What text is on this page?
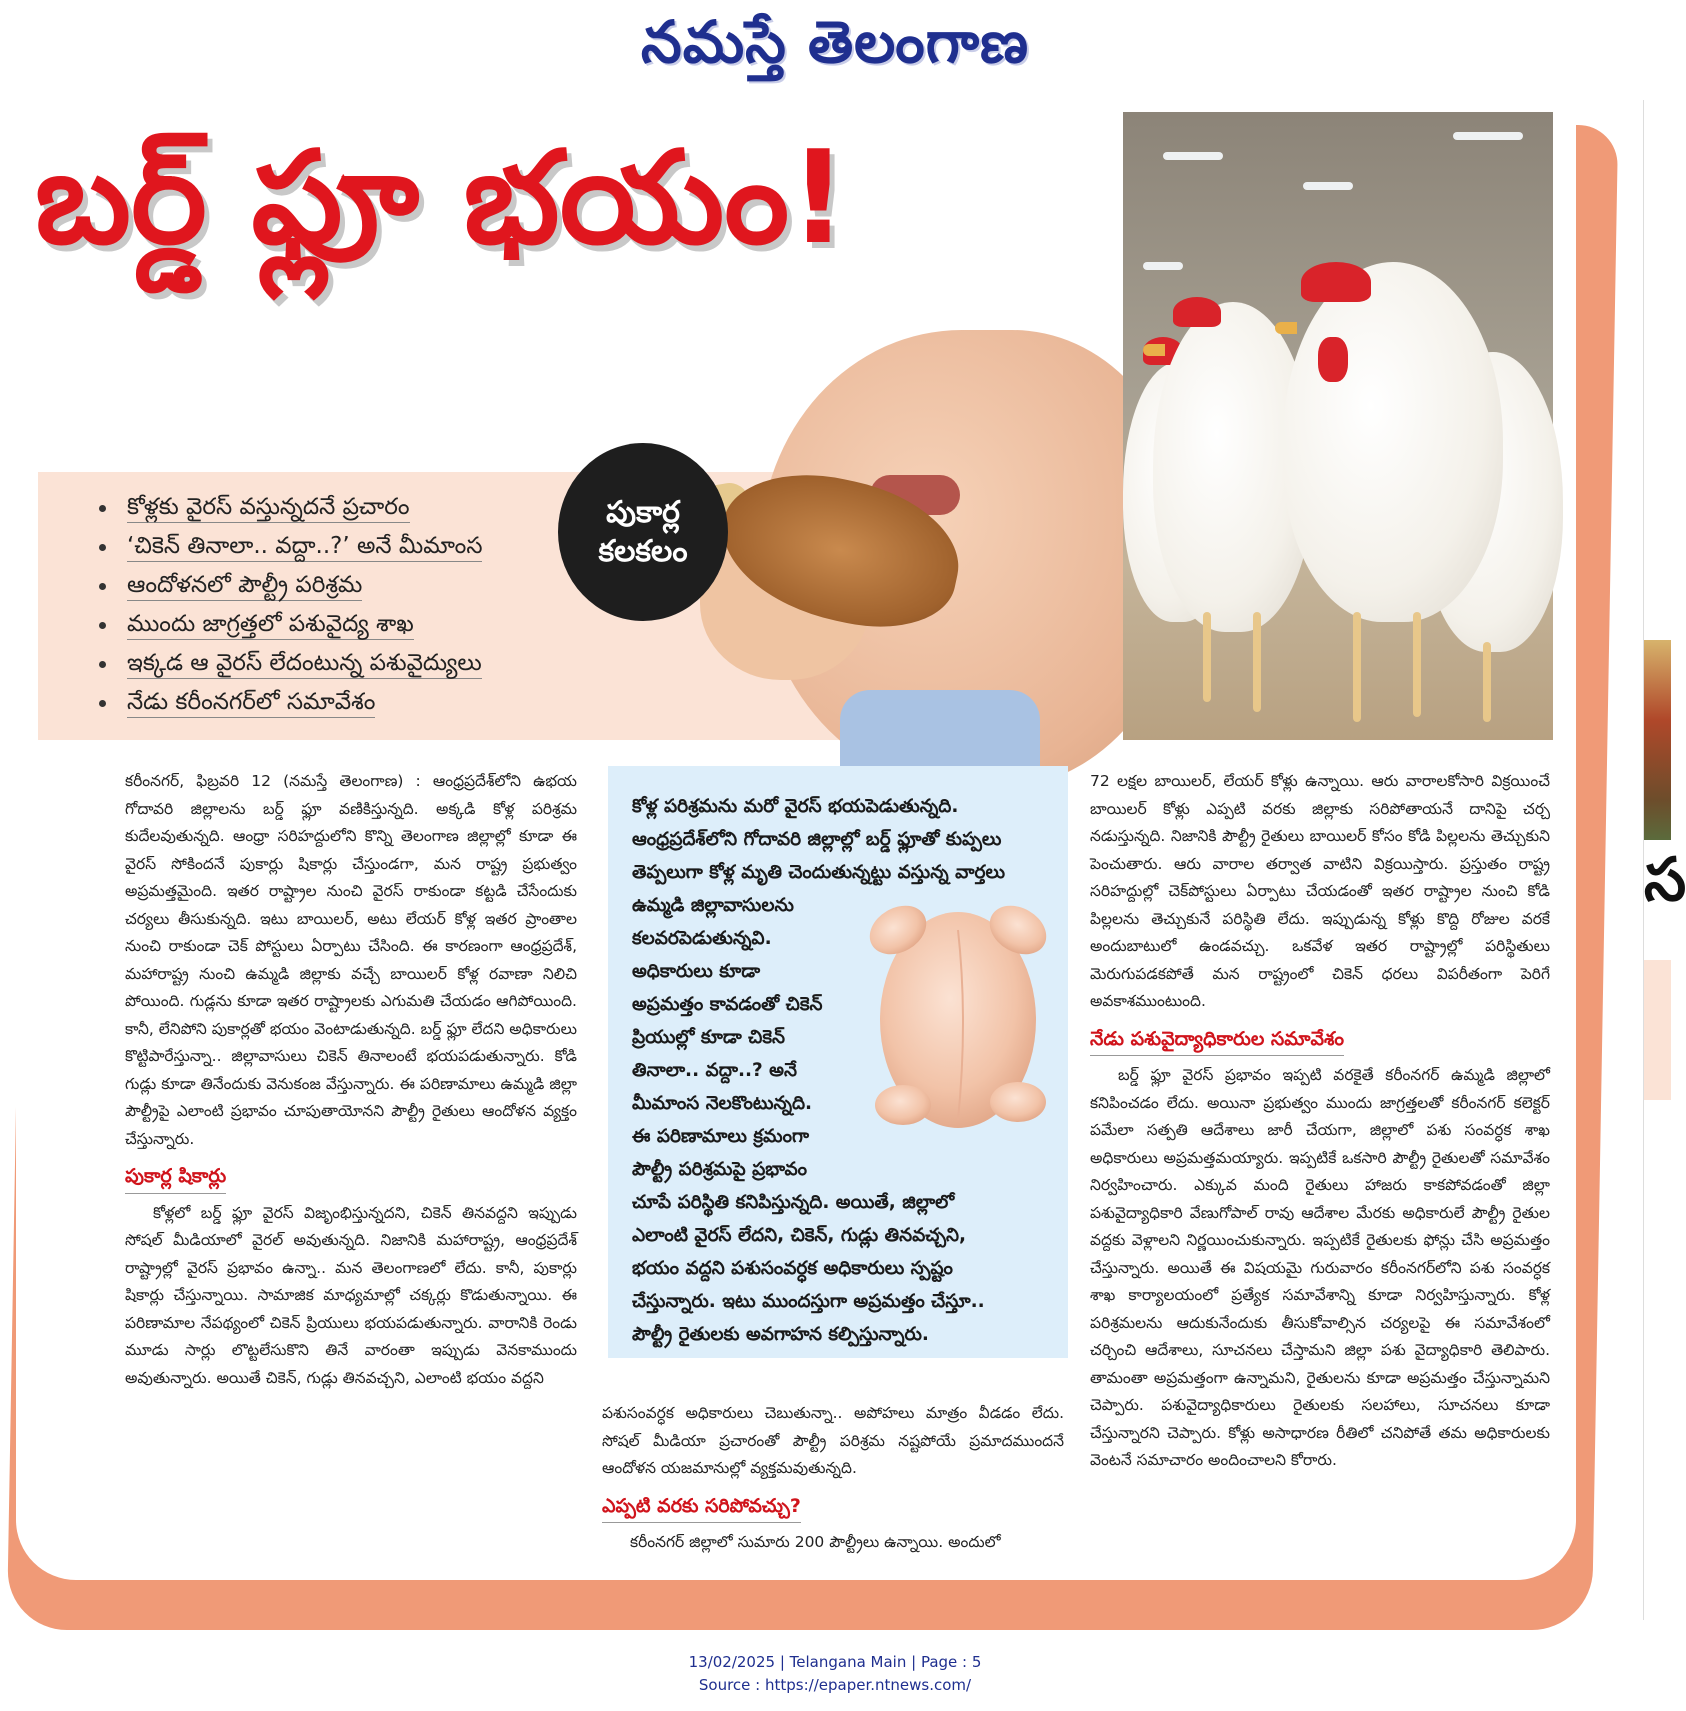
నమస్తే తెలంగాణ
బర్డ్ ఫ్లూ భయం!
పుకార్ల
కలకలం
కోళ్లకు వైరస్ వస్తున్నదనే ప్రచారం
‘చికెన్ తినాలా.. వద్దా..?’ అనే మీమాంస
ఆందోళనలో పౌల్ట్రీ పరిశ్రమ
ముందు జాగ్రత్తలో పశువైద్య శాఖ
ఇక్కడ ఆ వైరస్ లేదంటున్న పశువైద్యులు
నేడు కరీంనగర్‌లో సమావేశం
స

కరీంనగర్, ఫిబ్రవరి 12 (నమస్తే తెలంగాణ) : ఆంధ్రప్రదేశ్‌లోని ఉభయ గోదావరి జిల్లాలను బర్డ్ ఫ్లూ వణికిస్తున్నది. అక్కడి కోళ్ల పరిశ్రమ కుదేలవుతున్నది. ఆంధ్రా సరిహద్దులోని కొన్ని తెలంగాణ జిల్లాల్లో కూడా ఈ వైరస్ సోకిందనే పుకార్లు షికార్లు చేస్తుండగా, మన రాష్ట్ర ప్రభుత్వం అప్రమత్తమైంది. ఇతర రాష్ట్రాల నుంచి వైరస్ రాకుండా కట్టడి చేసేందుకు చర్యలు తీసుకున్నది. ఇటు బాయిలర్, అటు లేయర్ కోళ్ల ఇతర ప్రాంతాల నుంచి రాకుండా చెక్ పోస్టులు ఏర్పాటు చేసింది. ఈ కారణంగా ఆంధ్రప్రదేశ్, మహారాష్ట్ర నుంచి ఉమ్మడి జిల్లాకు వచ్చే బాయిలర్ కోళ్ల రవాణా నిలిచి పోయింది. గుడ్లను కూడా ఇతర రాష్ట్రాలకు ఎగుమతి చేయడం ఆగిపోయింది. కానీ, లేనిపోని పుకార్లతో భయం వెంటాడుతున్నది. బర్డ్ ఫ్లూ లేదని అధికారులు కొట్టిపారేస్తున్నా.. జిల్లావాసులు చికెన్ తినాలంటే భయపడుతున్నారు. కోడి గుడ్లు కూడా తినేందుకు వెనుకంజ వేస్తున్నారు. ఈ పరిణామాలు ఉమ్మడి జిల్లా పౌల్ట్రీపై ఎలాంటి ప్రభావం చూపుతాయోనని పౌల్ట్రీ రైతులు ఆందోళన వ్యక్తం చేస్తున్నారు.

పుకార్ల షికార్లు

కోళ్లలో బర్డ్ ఫ్లూ వైరస్ విజృంభిస్తున్నదని, చికెన్ తినవద్దని ఇప్పుడు సోషల్ మీడియాలో వైరల్ అవుతున్నది. నిజానికి మహారాష్ట్ర, ఆంధ్రప్రదేశ్ రాష్ట్రాల్లో వైరస్ ప్రభావం ఉన్నా.. మన తెలంగాణలో లేదు. కానీ, పుకార్లు షికార్లు చేస్తున్నాయి. సామాజిక మాధ్యమాల్లో చక్కర్లు కొడుతున్నాయి. ఈ పరిణామాల నేపథ్యంలో చికెన్ ప్రియులు భయపడుతున్నారు. వారానికి రెండు మూడు సార్లు లొట్టలేసుకొని తినే వారంతా ఇప్పుడు వెనకాముందు అవుతున్నారు. అయితే చికెన్, గుడ్లు తినవచ్చని, ఎలాంటి భయం వద్దని

కోళ్ల పరిశ్రమను మరో వైరస్ భయపెడుతున్నది.
ఆంధ్రప్రదేశ్‌లోని గోదావరి జిల్లాల్లో బర్డ్ ఫ్లూతో కుప్పలు
తెప్పలుగా కోళ్ల మృతి చెందుతున్నట్టు వస్తున్న వార్తలు
ఉమ్మడి జిల్లావాసులను
కలవరపెడుతున్నవి.
అధికారులు కూడా
అప్రమత్తం కావడంతో చికెన్
ప్రియుల్లో కూడా చికెన్
తినాలా.. వద్దా..? అనే
మీమాంస నెలకొంటున్నది.
ఈ పరిణామాలు క్రమంగా
పౌల్ట్రీ పరిశ్రమపై ప్రభావం
చూపే పరిస్థితి కనిపిస్తున్నది. అయితే, జిల్లాలో
ఎలాంటి వైరస్ లేదని, చికెన్, గుడ్లు తినవచ్చని,
భయం వద్దని పశుసంవర్ధక అధికారులు స్పష్టం
చేస్తున్నారు. ఇటు ముందస్తుగా అప్రమత్తం చేస్తూ..
పౌల్ట్రీ రైతులకు అవగాహన కల్పిస్తున్నారు.

పశుసంవర్ధక అధికారులు చెబుతున్నా.. అపోహలు మాత్రం వీడడం లేదు. సోషల్ మీడియా ప్రచారంతో పౌల్ట్రీ పరిశ్రమ నష్టపోయే ప్రమాదముందనే ఆందోళన యజమానుల్లో వ్యక్తమవుతున్నది.

ఎప్పటి వరకు సరిపోవచ్చు?

కరీంనగర్ జిల్లాలో సుమారు 200 పౌల్ట్రీలు ఉన్నాయి. అందులో

72 లక్షల బాయిలర్, లేయర్ కోళ్లు ఉన్నాయి. ఆరు వారాలకోసారి విక్రయించే బాయిలర్ కోళ్లు ఎప్పటి వరకు జిల్లాకు సరిపోతాయనే దానిపై చర్చ నడుస్తున్నది. నిజానికి పౌల్ట్రీ రైతులు బాయిలర్ కోసం కోడి పిల్లలను తెచ్చుకుని పెంచుతారు. ఆరు వారాల తర్వాత వాటిని విక్రయిస్తారు. ప్రస్తుతం రాష్ట్ర సరిహద్దుల్లో చెక్‌పోస్టులు ఏర్పాటు చేయడంతో ఇతర రాష్ట్రాల నుంచి కోడి పిల్లలను తెచ్చుకునే పరిస్థితి లేదు. ఇప్పుడున్న కోళ్లు కొద్ది రోజుల వరకే అందుబాటులో ఉండవచ్చు. ఒకవేళ ఇతర రాష్ట్రాల్లో పరిస్థితులు మెరుగుపడకపోతే మన రాష్ట్రంలో చికెన్ ధరలు విపరీతంగా పెరిగే అవకాశముంటుంది.

నేడు పశువైద్యాధికారుల సమావేశం

బర్డ్ ఫ్లూ వైరస్ ప్రభావం ఇప్పటి వరకైతే కరీంనగర్ ఉమ్మడి జిల్లాలో కనిపించడం లేదు. అయినా ప్రభుత్వం ముందు జాగ్రత్తలతో కరీంనగర్ కలెక్టర్ పమేలా సత్పతి ఆదేశాలు జారీ చేయగా, జిల్లాలో పశు సంవర్ధక శాఖ అధికారులు అప్రమత్తమయ్యారు. ఇప్పటికే ఒకసారి పౌల్ట్రీ రైతులతో సమావేశం నిర్వహించారు. ఎక్కువ మంది రైతులు హాజరు కాకపోవడంతో జిల్లా పశువైద్యాధికారి వేణుగోపాల్ రావు ఆదేశాల మేరకు అధికారులే పౌల్ట్రీ రైతుల వద్దకు వెళ్లాలని నిర్ణయించుకున్నారు. ఇప్పటికే రైతులకు ఫోన్లు చేసి అప్రమత్తం చేస్తున్నారు. అయితే ఈ విషయమై గురువారం కరీంనగర్‌లోని పశు సంవర్ధక శాఖ కార్యాలయంలో ప్రత్యేక సమావేశాన్ని కూడా నిర్వహిస్తున్నారు. కోళ్ల పరిశ్రమలను ఆదుకునేందుకు తీసుకోవాల్సిన చర్యలపై ఈ సమావేశంలో చర్చించి ఆదేశాలు, సూచనలు చేస్తామని జిల్లా పశు వైద్యాధికారి తెలిపారు. తామంతా అప్రమత్తంగా ఉన్నామని, రైతులను కూడా అప్రమత్తం చేస్తున్నామని చెప్పారు. పశువైద్యాధికారులు రైతులకు సలహాలు, సూచనలు కూడా చేస్తున్నారని చెప్పారు. కోళ్లు అసాధారణ రీతిలో చనిపోతే తమ అధికారులకు వెంటనే సమాచారం అందించాలని కోరారు.

13/02/2025 | Telangana Main | Page : 5
Source : https://epaper.ntnews.com/
